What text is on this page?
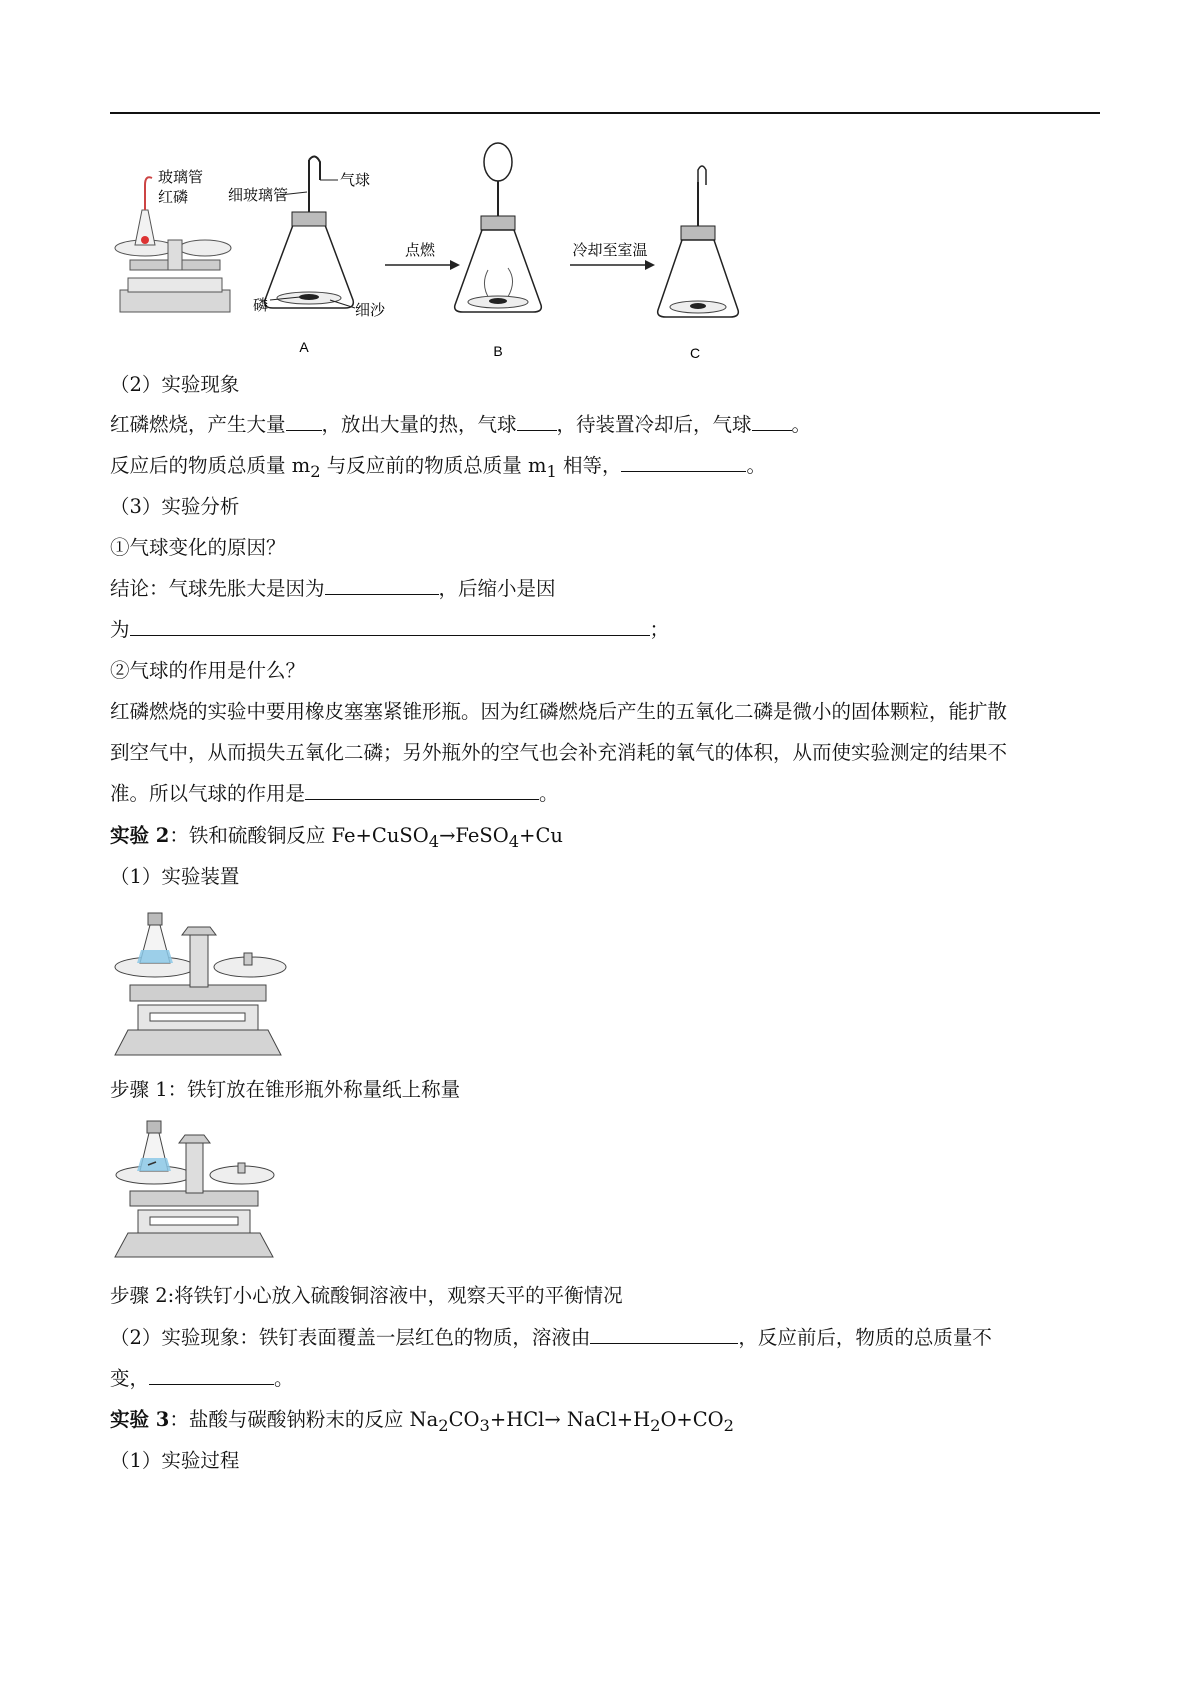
玻璃管
红磷	细玻璃管
气球
磷	细沙
A
点燃
B
冷却至室温
C
（2）实验现象
红磷燃烧，产生大量 ，放出大量的热，气球 ，待装置冷却后，气球 。
反应后的物质总质量 $m_2$ 与反应前的物质总质量 $m_1$ 相等，	。
（3）实验分析
①气球变化的原因？
结论：气球先胀大是因为	，后缩小是因
为	；
②气球的作用是什么？
红磷燃烧的实验中要用橡皮塞塞紧锥形瓶。因为红磷燃烧后产生的五氧化二磷是微小的固体颗粒，能扩散
到空气中，从而损失五氧化二磷；另外瓶外的空气也会补充消耗的氧气的体积，从而使实验测定的结果不
准。所以气球的作用是	。
实验 2：铁和硫酸铜反应 Fe+CuSO$_4$→FeSO$_4$+Cu
（1）实验装置
步骤 1：铁钉放在锥形瓶外称量纸上称量
步骤 2:将铁钉小心放入硫酸铜溶液中，观察天平的平衡情况
（2）实验现象：铁钉表面覆盖一层红色的物质，溶液由	，反应前后，物质的总质量不
变，	。
实验 3：盐酸与碳酸钠粉末的反应 $Na_2CO_3+HCl\to$ $NaCl+H_2O+CO_2$
（1）实验过程
